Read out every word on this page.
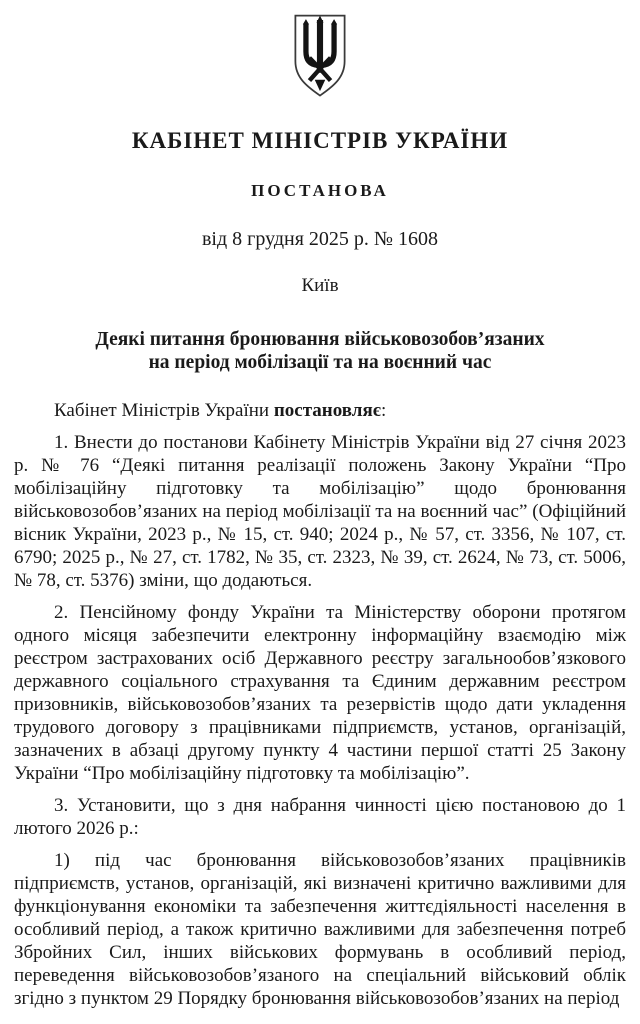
КАБІНЕТ МІНІСТРІВ УКРАЇНИ
ПОСТАНОВА
від 8 грудня 2025 р. № 1608
Київ
Деякі питання бронювання військовозобов’язаних
на період мобілізації та на воєнний час

Кабінет Міністрів України постановляє:

1. Внести до постанови Кабінету Міністрів України від 27 січня 2023 р. № 76 “Деякі питання реалізації положень Закону України “Про мобілізаційну підготовку та мобілізацію” щодо бронювання військовозобов’язаних на період мобілізації та на воєнний час” (Офіційний вісник України, 2023 р., № 15, ст. 940; 2024 р., № 57, ст. 3356, № 107, ст. 6790; 2025 р., № 27, ст. 1782, № 35, ст. 2323, № 39, ст. 2624, № 73, ст. 5006, № 78, ст. 5376) зміни, що додаються.

2. Пенсійному фонду України та Міністерству оборони протягом одного місяця забезпечити електронну інформаційну взаємодію між реєстром застрахованих осіб Державного реєстру загальнообов’язкового державного соціального страхування та Єдиним державним реєстром призовників, військовозобов’язаних та резервістів щодо дати укладення трудового договору з працівниками підприємств, установ, організацій, зазначених в абзаці другому пункту 4 частини першої статті 25 Закону України “Про мобілізаційну підготовку та мобілізацію”.

3. Установити, що з дня набрання чинності цією постановою до 1 лютого 2026 р.:

1) під час бронювання військовозобов’язаних працівників підприємств, установ, організацій, які визначені критично важливими для функціонування економіки та забезпечення життєдіяльності населення в особливий період, а також критично важливими для забезпечення потреб Збройних Сил, інших військових формувань в особливий період, переведення військовозобов’язаного на спеціальний військовий облік згідно з пунктом 29 Порядку бронювання військовозобов’язаних на період
